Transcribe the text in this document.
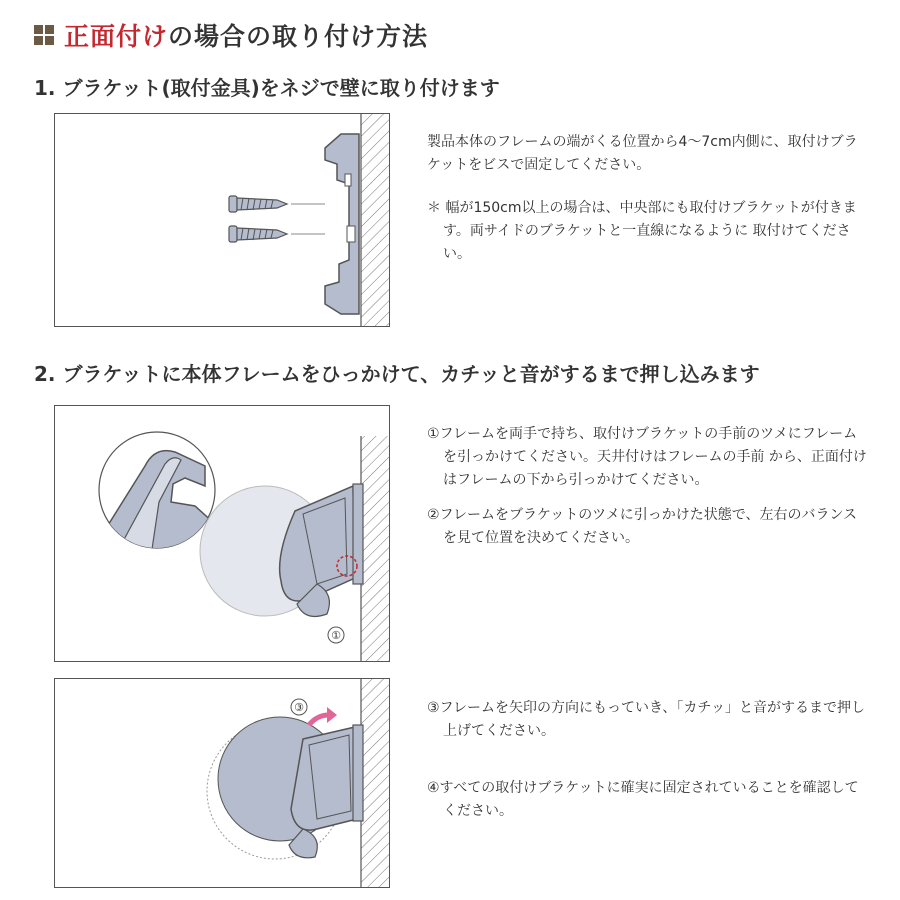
正面付けの場合の取り付け方法
1. ブラケット(取付金具)をネジで壁に取り付けます

製品本体のフレームの端がくる位置から4〜7cm内側に、取付けブラケットをビスで固定してください。

＊ 幅が150cm以上の場合は、中央部にも取付けブラケットが付きます。両サイドのブラケットと一直線になるように 取付けてください。

2. ブラケットに本体フレームをひっかけて、カチッと音がするまで押し込みます
①

①フレームを両手で持ち、取付けブラケットの手前のツメにフレームを引っかけてください。天井付けはフレームの手前 から、正面付けはフレームの下から引っかけてください。

②フレームをブラケットのツメに引っかけた状態で、左右のバランスを見て位置を決めてください。

③	③フレームを矢印の方向にもっていき、「カチッ」と音がするまで押し上げてください。

④すべての取付けブラケットに確実に固定されていることを確認してください。
